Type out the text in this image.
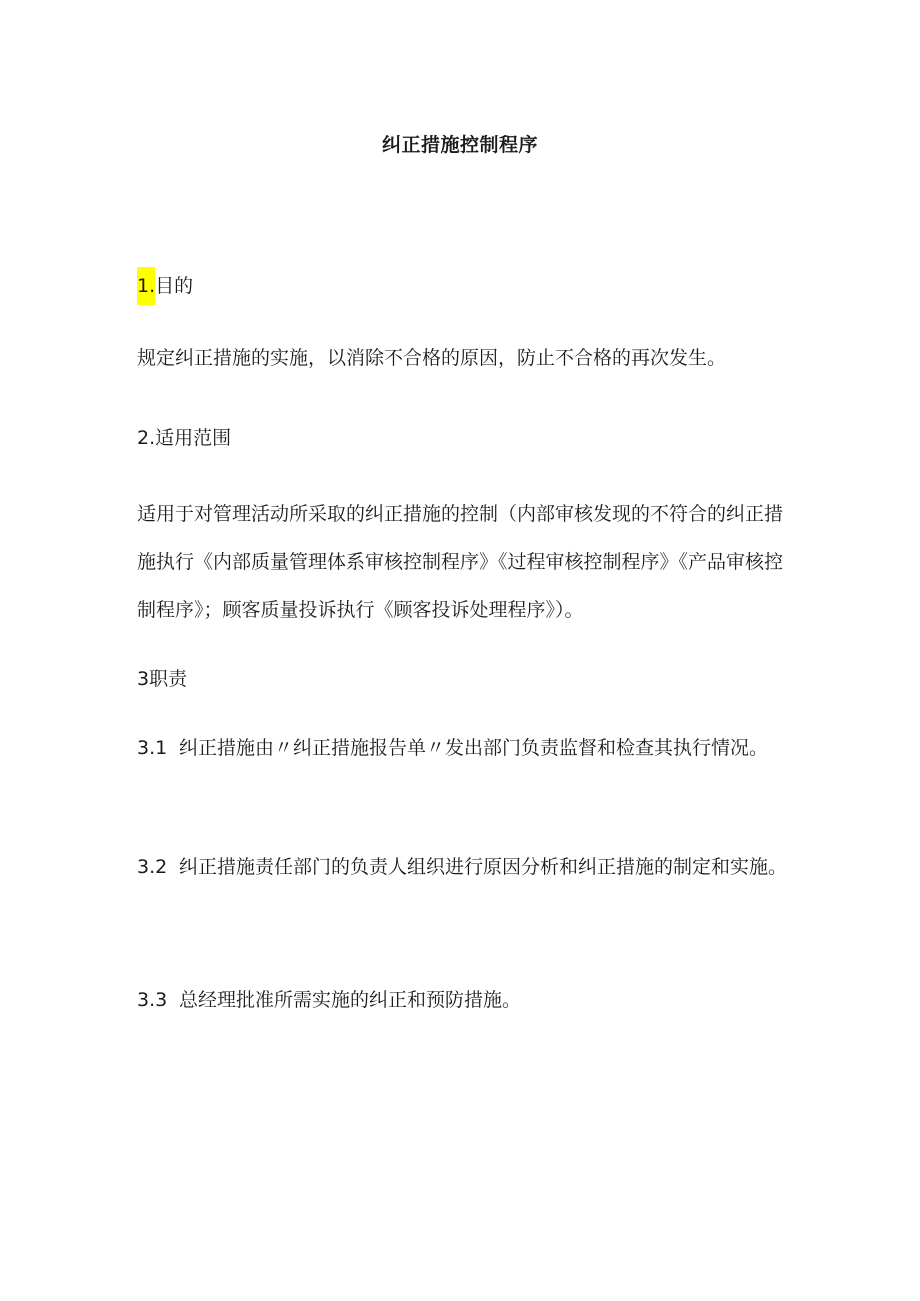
纠正措施控制程序
1.目的
规定纠正措施的实施，以消除不合格的原因，防止不合格的再次发生。
2.适用范围
适用于对管理活动所采取的纠正措施的控制（内部审核发现的不符合的纠正措施执行《内部质量管理体系审核控制程序》《过程审核控制程序》《产品审核控制程序》；顾客质量投诉执行《顾客投诉处理程序》）。
3职责
3.1 纠正措施由〃纠正措施报告单〃发出部门负责监督和检查其执行情况。
3.2 纠正措施责任部门的负责人组织进行原因分析和纠正措施的制定和实施。
3.3 总经理批准所需实施的纠正和预防措施。
